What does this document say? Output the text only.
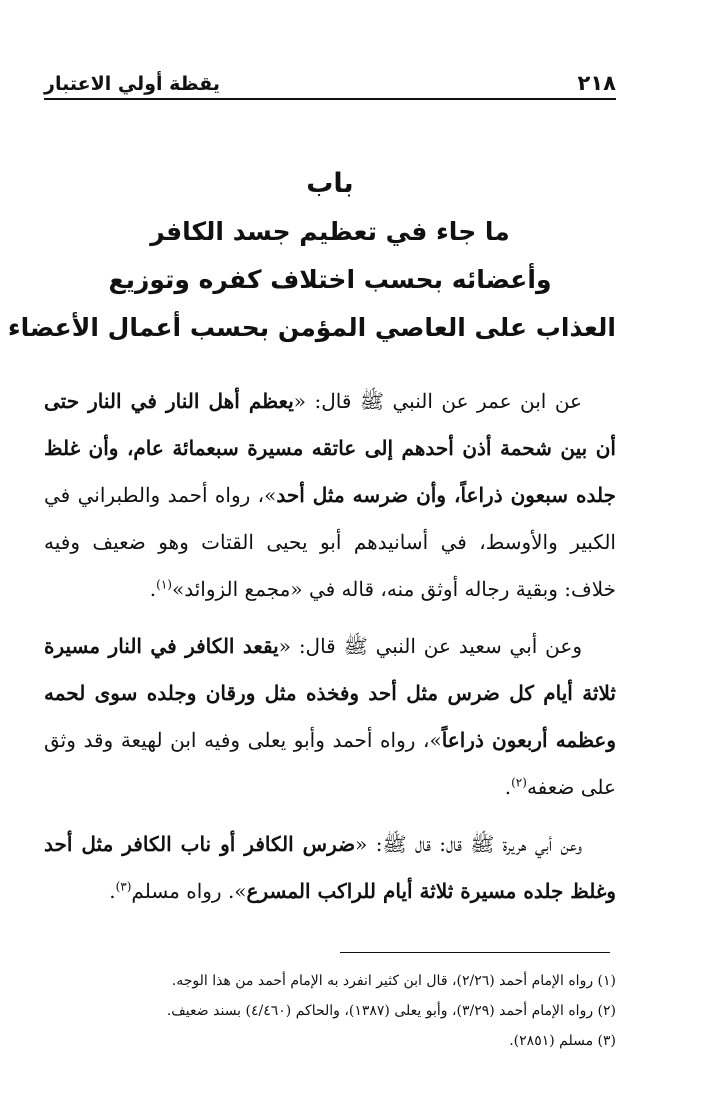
٢١٨
يقظة أولي الاعتبار
باب
ما جاء في تعظيم جسد الكافر
وأعضائه بحسب اختلاف كفره وتوزيع
العذاب على العاصي المؤمن بحسب أعمال الأعضاء

عن ابن عمر عن النبي ﷺ قال: «يعظم أهل النار في النار حتى أن بين شحمة أذن أحدهم إلى عاتقه مسيرة سبعمائة عام، وأن غلظ جلده سبعون ذراعاً، وأن ضرسه مثل أحد»، رواه أحمد والطبراني في الكبير والأوسط، في أسانيدهم أبو يحيى القتات وهو ضعيف وفيه خلاف: وبقية رجاله أوثق منه، قاله في «مجمع الزوائد»$^{(١)}$.

وعن أبي سعيد عن النبي ﷺ قال: «يقعد الكافر في النار مسيرة ثلاثة أيام كل ضرس مثل أحد وفخذه مثل ورقان وجلده سوى لحمه وعظمه أربعون ذراعاً»، رواه أحمد وأبو يعلى وفيه ابن لهيعة وقد وثق على ضعفه$^{(٢)}$.

وعن أبي هريرة ﷺ قال: قال ﷺ: «ضرس الكافر أو ناب الكافر مثل أحد وغلظ جلده مسيرة ثلاثة أيام للراكب المسرع». رواه مسلم$^{(٣)}$.

(١) رواه الإمام أحمد (٢/٢٦)، قال ابن كثير انفرد به الإمام أحمد من هذا الوجه.

(٢) رواه الإمام أحمد (٣/٢٩)، وأبو يعلى (١٣٨٧)، والحاكم (٤/٤٦٠) بسند ضعيف.

(٣) مسلم (٢٨٥١).
